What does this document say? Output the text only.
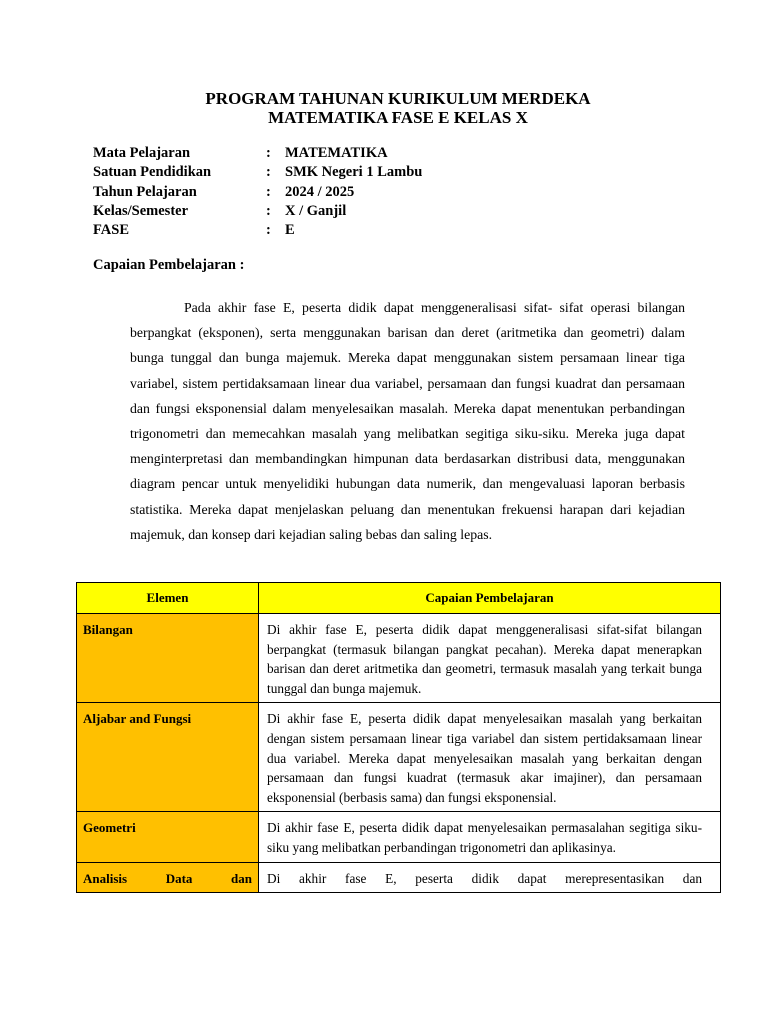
PROGRAM TAHUNAN KURIKULUM MERDEKA
MATEMATIKA FASE E KELAS X
Mata Pelajaran	: MATEMATIKA
Satuan Pendidikan	: SMK Negeri 1 Lambu
Tahun Pelajaran	: 2024 / 2025
Kelas/Semester	: X / Ganjil
FASE	: E
Capaian Pembelajaran :

Pada akhir fase E, peserta didik dapat menggeneralisasi sifat- sifat operasi bilangan berpangkat (eksponen), serta menggunakan barisan dan deret (aritmetika dan geometri) dalam bunga tunggal dan bunga majemuk. Mereka dapat menggunakan sistem persamaan linear tiga variabel, sistem pertidaksamaan linear dua variabel, persamaan dan fungsi kuadrat dan persamaan dan fungsi eksponensial dalam menyelesaikan masalah. Mereka dapat menentukan perbandingan trigonometri dan memecahkan masalah yang melibatkan segitiga siku-siku. Mereka juga dapat menginterpretasi dan membandingkan himpunan data berdasarkan distribusi data, menggunakan diagram pencar untuk menyelidiki hubungan data numerik, dan mengevaluasi laporan berbasis statistika. Mereka dapat menjelaskan peluang dan menentukan frekuensi harapan dari kejadian majemuk, dan konsep dari kejadian saling bebas dan saling lepas.

Elemen	Capaian Pembelajaran
Bilangan	Di akhir fase E, peserta didik dapat menggeneralisasi sifat-sifat bilangan berpangkat (termasuk bilangan pangkat pecahan). Mereka dapat menerapkan barisan dan deret aritmetika dan geometri, termasuk masalah yang terkait bunga tunggal dan bunga majemuk.
Aljabar and Fungsi	Di akhir fase E, peserta didik dapat menyelesaikan masalah yang berkaitan dengan sistem persamaan linear tiga variabel dan sistem pertidaksamaan linear dua variabel. Mereka dapat menyelesaikan masalah yang berkaitan dengan persamaan dan fungsi kuadrat (termasuk akar imajiner), dan persamaan eksponensial (berbasis sama) dan fungsi eksponensial.
Geometri	Di akhir fase E, peserta didik dapat menyelesaikan permasalahan segitiga siku-siku yang melibatkan perbandingan trigonometri dan aplikasinya.
Analisis Data dan	Di akhir fase E, peserta didik dapat merepresentasikan dan
